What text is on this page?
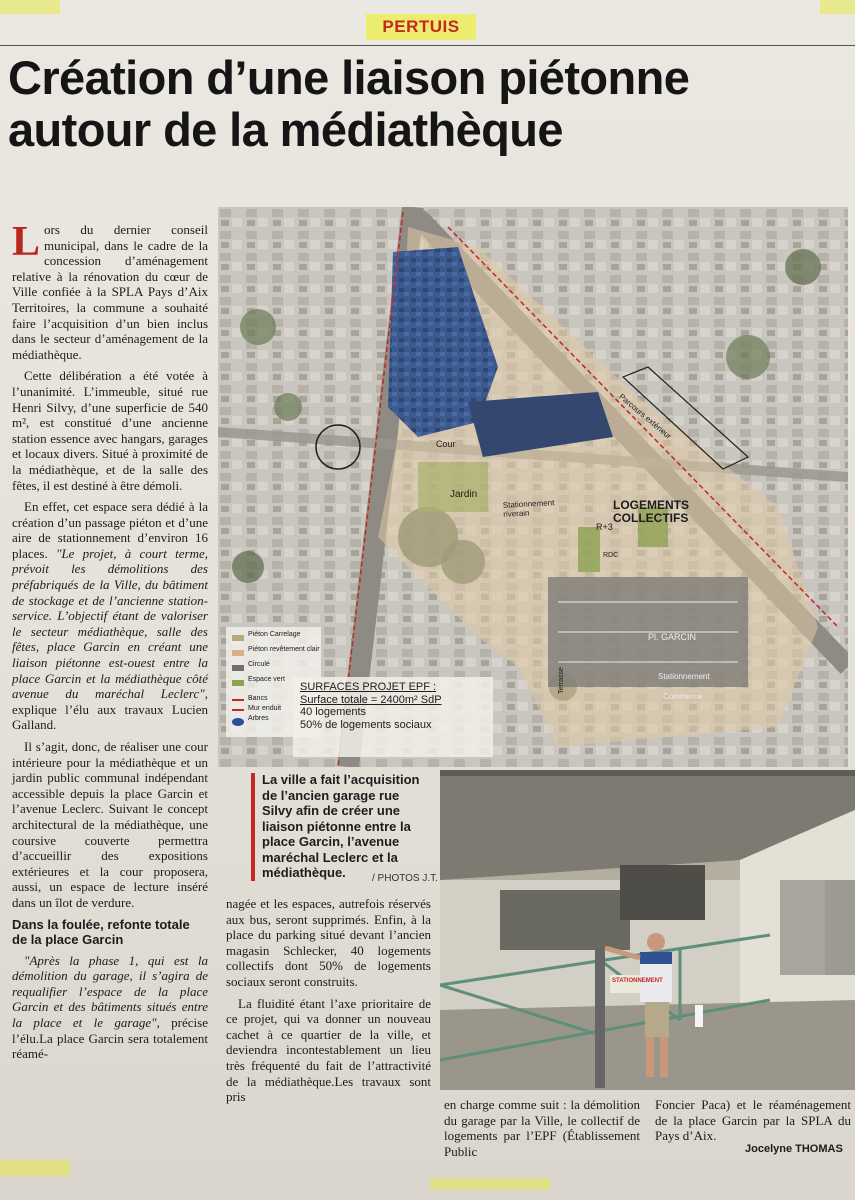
PERTUIS
Création d’une liaison piétonne
autour de la médiathèque

Lors du dernier conseil municipal, dans le cadre de la concession d’aménagement relative à la rénovation du cœur de Ville confiée à la SPLA Pays d’Aix Territoires, la commune a souhaité faire l’acquisition d’un bien inclus dans le secteur d’aménagement de la médiathèque.

Cette délibération a été votée à l’unanimité. L’immeuble, situé rue Henri Silvy, d’une superficie de 540 m², est constitué d’une ancienne station essence avec hangars, garages et locaux divers. Situé à proximité de la médiathèque, et de la salle des fêtes, il est destiné à être démoli.

En effet, cet espace sera dédié à la création d’un passage piéton et d’une aire de stationnement d’environ 16 places. "Le projet, à court terme, prévoit les démolitions des préfabriqués de la Ville, du bâtiment de stockage et de l’ancienne station-service. L’objectif étant de valoriser le secteur médiathèque, salle des fêtes, place Garcin en créant une liaison piétonne est-ouest entre la place Garcin et la médiathèque côté avenue du maréchal Leclerc", explique l’élu aux travaux Lucien Galland.

Il s’agit, donc, de réaliser une cour intérieure pour la médiathèque et un jardin public communal indépendant accessible depuis la place Garcin et l’avenue Leclerc. Suivant le concept architectural de la médiathèque, une coursive couverte permettra d’accueillir des expositions extérieures et la cour proposera, aussi, un espace de lecture inséré dans un îlot de verdure.

Dans la foulée, refonte totale de la place Garcin

"Après la phase 1, qui est la démolition du garage, il s’agira de requalifier l’espace de la place Garcin et des bâtiments situés entre la place et le garage", précise l’élu.La place Garcin sera totalement réamé-

Cour
Jardin
Stationnement riverain
LOGEMENTS COLLECTIFS
R+3
Parcours extérieur
Terrasse
Pl. GARCIN
RDC
Stationnement
Commerce
Piéton Carrelage
Piéton revêtement clair
Circulé
Espace vert
Bancs
Mur enduit
Arbres
SURFACES PROJET EPF :
Surface totale = 2400m² SdP
40 logements
50% de logements sociaux
La ville a fait l’acquisition de l’ancien garage rue Silvy afin de créer une liaison piétonne entre la place Garcin, l’avenue maréchal Leclerc et la médiathèque.	/ PHOTOS J.T.
STATIONNEMENT

nagée et les espaces, autrefois réservés aux bus, seront supprimés. Enfin, à la place du parking situé devant l’ancien magasin Schlecker, 40 logements collectifs dont 50% de logements sociaux seront construits.

La fluidité étant l’axe prioritaire de ce projet, qui va donner un nouveau cachet à ce quartier de la ville, et deviendra incontestablement un lieu très fréquenté du fait de l’attractivité de la médiathèque.Les travaux sont pris

en charge comme suit : la démolition du garage par la Ville, le collectif de logements par l’EPF (Établissement Public

Foncier Paca) et le réaménagement de la place Garcin par la SPLA du Pays d’Aix.

Jocelyne THOMAS
